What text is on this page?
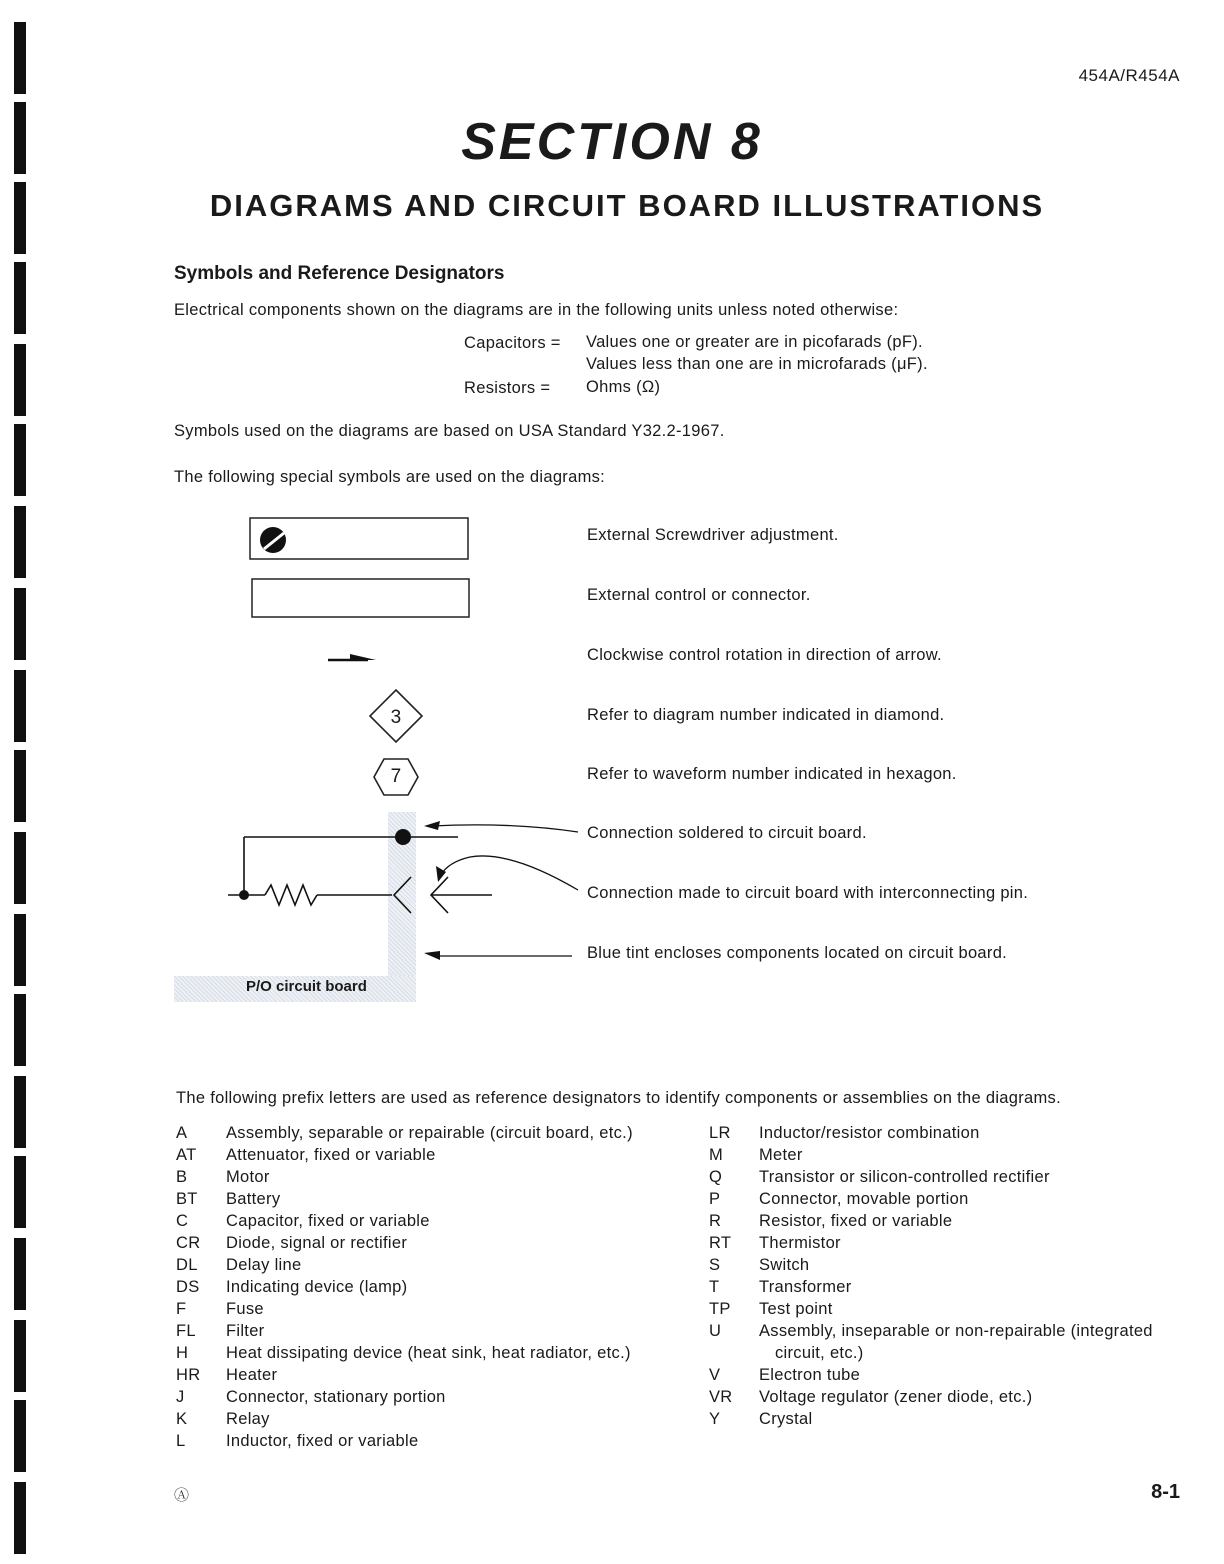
454A/R454A
SECTION 8
DIAGRAMS AND CIRCUIT BOARD ILLUSTRATIONS
Symbols and Reference Designators
Electrical components shown on the diagrams are in the following units unless noted otherwise:
Capacitors = Values one or greater are in picofarads (pF).
Values less than one are in microfarads (μF).
Resistors = Ohms (Ω)
Symbols used on the diagrams are based on USA Standard Y32.2-1967.
The following special symbols are used on the diagrams:
P/O circuit board
3
7
External Screwdriver adjustment.
External control or connector.
Clockwise control rotation in direction of arrow.
Refer to diagram number indicated in diamond.
Refer to waveform number indicated in hexagon.
Connection soldered to circuit board.
Connection made to circuit board with interconnecting pin.
Blue tint encloses components located on circuit board.
The following prefix letters are used as reference designators to identify components or assemblies on the diagrams.
A	Assembly, separable or repairable (circuit board, etc.)
AT	Attenuator, fixed or variable
B	Motor
BT	Battery
C	Capacitor, fixed or variable
CR	Diode, signal or rectifier
DL	Delay line
DS	Indicating device (lamp)
F	Fuse
FL	Filter
H	Heat dissipating device (heat sink, heat radiator, etc.)
HR	Heater
J	Connector, stationary portion
K	Relay
L	Inductor, fixed or variable
LR	Inductor/resistor combination
M	Meter
Q	Transistor or silicon-controlled rectifier
P	Connector, movable portion
R	Resistor, fixed or variable
RT	Thermistor
S	Switch
T	Transformer
TP	Test point
U	Assembly, inseparable or non-repairable (integrated
	circuit, etc.)
V	Electron tube
VR	Voltage regulator (zener diode, etc.)
Y	Crystal
Ⓐ	8-1
